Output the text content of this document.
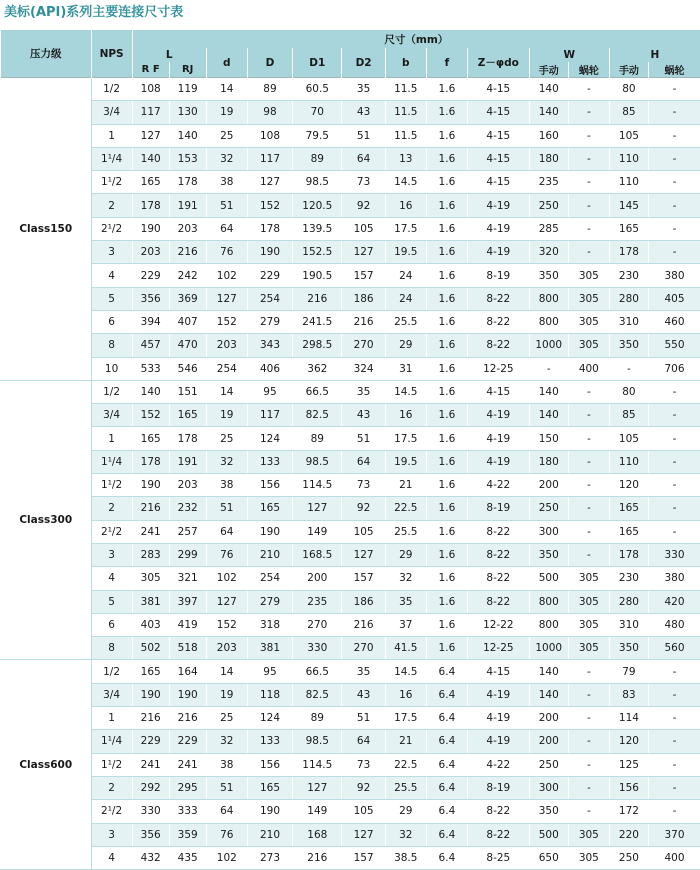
美标(API)系列主要连接尺寸表
压力级	NPS	尺寸（mm）												
		L		d	D	D1	D2	b	f	Z－φdo	W		H	
		R F	RJ								手动	蜗轮	手动	蜗轮
Class150	1/2	108	119	14	89	60.5	35	11.5	1.6	4-15	140	-	80	-
	3/4	117	130	19	98	70	43	11.5	1.6	4-15	140	-	85	-
	1	127	140	25	108	79.5	51	11.5	1.6	4-15	160	-	105	-
	1¹/4	140	153	32	117	89	64	13	1.6	4-15	180	-	110	-
	1¹/2	165	178	38	127	98.5	73	14.5	1.6	4-15	235	-	110	-
	2	178	191	51	152	120.5	92	16	1.6	4-19	250	-	145	-
	2¹/2	190	203	64	178	139.5	105	17.5	1.6	4-19	285	-	165	-
	3	203	216	76	190	152.5	127	19.5	1.6	4-19	320	-	178	-
	4	229	242	102	229	190.5	157	24	1.6	8-19	350	305	230	380
	5	356	369	127	254	216	186	24	1.6	8-22	800	305	280	405
	6	394	407	152	279	241.5	216	25.5	1.6	8-22	800	305	310	460
	8	457	470	203	343	298.5	270	29	1.6	8-22	1000	305	350	550
	10	533	546	254	406	362	324	31	1.6	12-25	-	400	-	706
Class300	1/2	140	151	14	95	66.5	35	14.5	1.6	4-15	140	-	80	-
	3/4	152	165	19	117	82.5	43	16	1.6	4-19	140	-	85	-
	1	165	178	25	124	89	51	17.5	1.6	4-19	150	-	105	-
	1¹/4	178	191	32	133	98.5	64	19.5	1.6	4-19	180	-	110	-
	1¹/2	190	203	38	156	114.5	73	21	1.6	4-22	200	-	120	-
	2	216	232	51	165	127	92	22.5	1.6	8-19	250	-	165	-
	2¹/2	241	257	64	190	149	105	25.5	1.6	8-22	300	-	165	-
	3	283	299	76	210	168.5	127	29	1.6	8-22	350	-	178	330
	4	305	321	102	254	200	157	32	1.6	8-22	500	305	230	380
	5	381	397	127	279	235	186	35	1.6	8-22	800	305	280	420
	6	403	419	152	318	270	216	37	1.6	12-22	800	305	310	480
	8	502	518	203	381	330	270	41.5	1.6	12-25	1000	305	350	560
Class600	1/2	165	164	14	95	66.5	35	14.5	6.4	4-15	140	-	79	-
	3/4	190	190	19	118	82.5	43	16	6.4	4-19	140	-	83	-
	1	216	216	25	124	89	51	17.5	6.4	4-19	200	-	114	-
	1¹/4	229	229	32	133	98.5	64	21	6.4	4-19	200	-	120	-
	1¹/2	241	241	38	156	114.5	73	22.5	6.4	4-22	250	-	125	-
	2	292	295	51	165	127	92	25.5	6.4	8-19	300	-	156	-
	2¹/2	330	333	64	190	149	105	29	6.4	8-22	350	-	172	-
	3	356	359	76	210	168	127	32	6.4	8-22	500	305	220	370
	4	432	435	102	273	216	157	38.5	6.4	8-25	650	305	250	400
